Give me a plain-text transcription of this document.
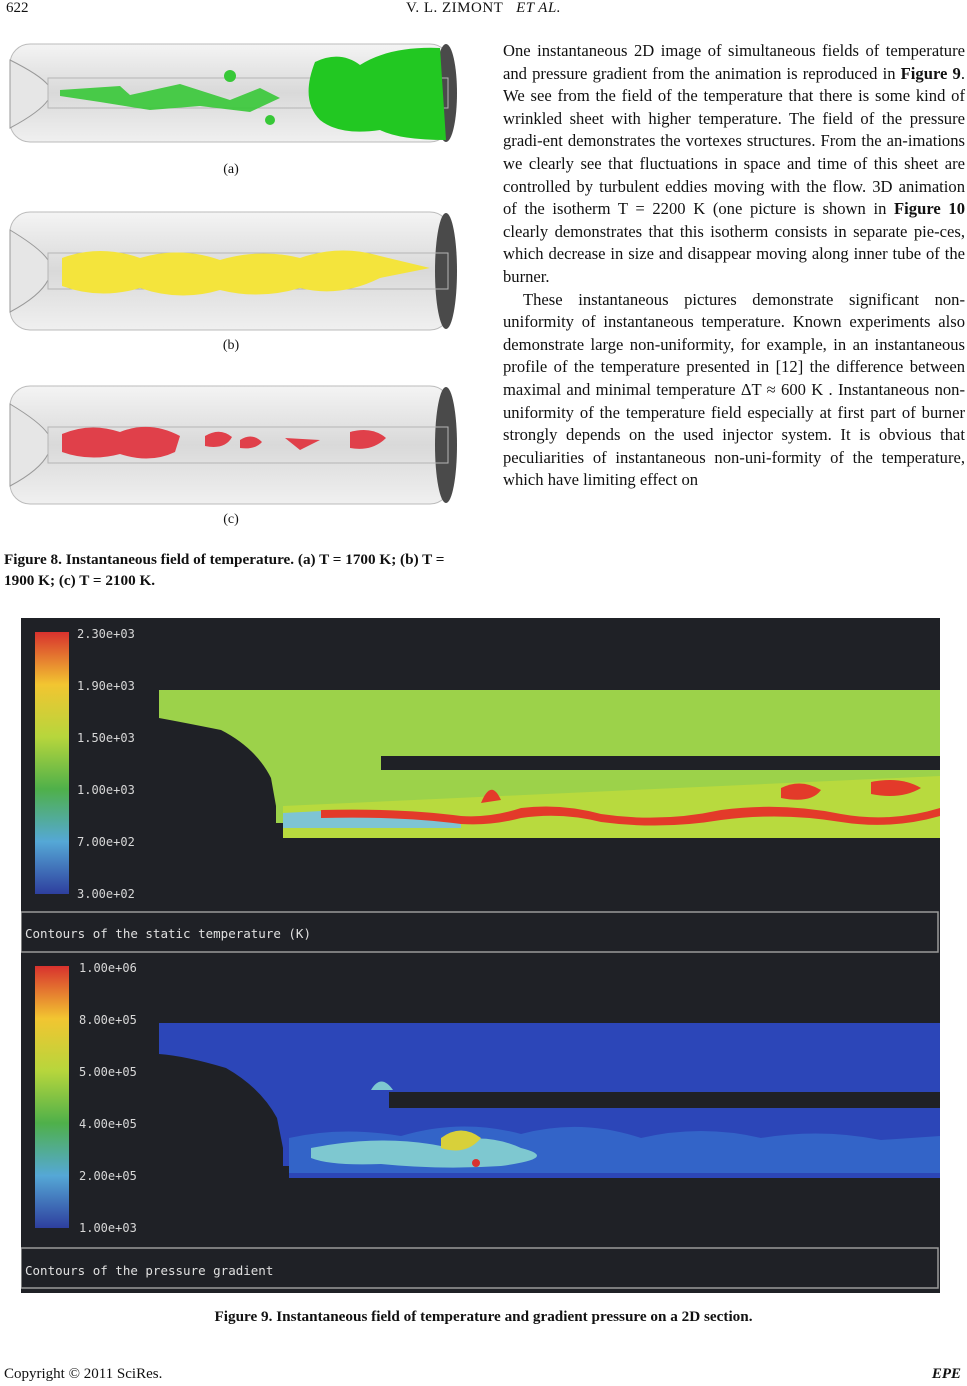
622	V. L. ZIMONT ET AL.
(a)
(b)
(c)
Figure 8. Instantaneous field of temperature. (a) T = 1700 K; (b) T = 1900 K; (c) T = 2100 K.

One instantaneous 2D image of simultaneous fields of temperature and pressure gradient from the animation is reproduced in Figure 9. We see from the field of the temperature that there is some kind of wrinkled sheet with higher temperature. The field of the pressure gradi-ent demonstrates the vortexes structures. From the an-imations we clearly see that fluctuations in space and time of this sheet are controlled by turbulent eddies moving with the flow. 3D animation of the isotherm T = 2200 K (one picture is shown in Figure 10 clearly demonstrates that this isotherm consists in separate pie-ces, which decrease in size and disappear moving along inner tube of the burner.

These instantaneous pictures demonstrate significant non-uniformity of instantaneous temperature. Known experiments also demonstrate large non-uniformity, for example, in an instantaneous profile of the temperature presented in [12] the difference between maximal and minimal temperature ΔT ≈ 600 K . Instantaneous non-uniformity of the temperature field especially at first part of burner strongly depends on the used injector system. It is obvious that peculiarities of instantaneous non-uni-formity of the temperature, which have limiting effect on

2.30e+03
1.90e+03
1.50e+03
1.00e+03
7.00e+02
3.00e+02
Contours of the static temperature (K)
1.00e+06
8.00e+05
5.00e+05
4.00e+05
2.00e+05
1.00e+03
Contours of the pressure gradient
Figure 9. Instantaneous field of temperature and gradient pressure on a 2D section.
Copyright © 2011 SciRes.	EPE
